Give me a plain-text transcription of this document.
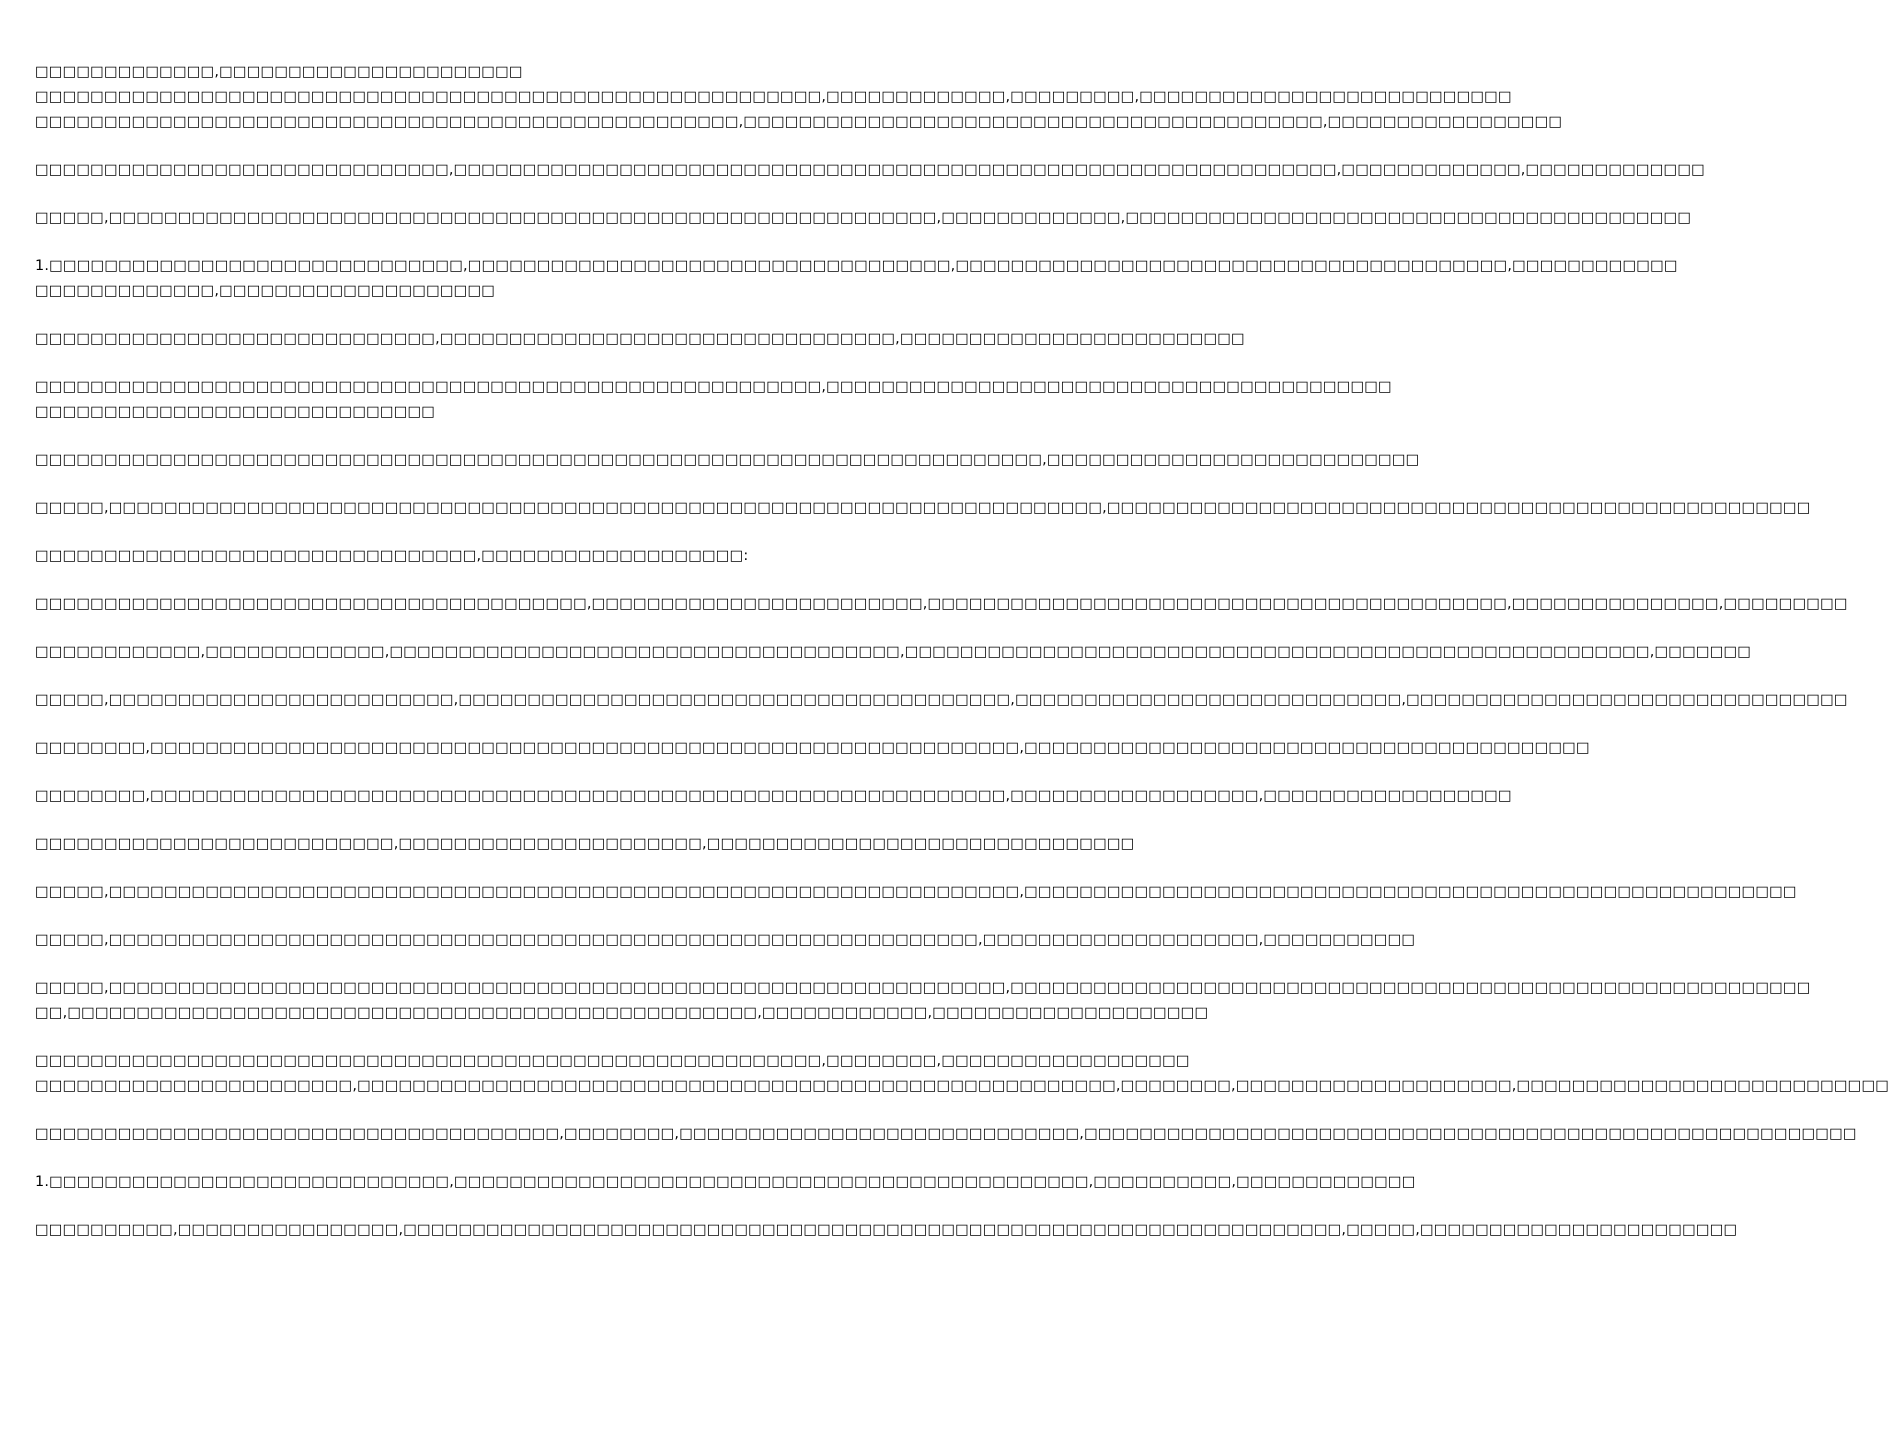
□□□□□□□□□□□□□,□□□□□□□□□□□□□□□□□□□□□□
□□□□□□□□□□□□□□□□□□□□□□□□□□□□□□□□□□□□□□□□□□□□□□□□□□□□□□□□□,□□□□□□□□□□□□□,□□□□□□□□□,□□□□□□□□□□□□□□□□□□□□□□□□□□□
□□□□□□□□□□□□□□□□□□□□□□□□□□□□□□□□□□□□□□□□□□□□□□□□□□□,□□□□□□□□□□□□□□□□□□□□□□□□□□□□□□□□□□□□□□□□□□,□□□□□□□□□□□□□□□□□
□□□□□□□□□□□□□□□□□□□□□□□□□□□□□□,□□□□□□□□□□□□□□□□□□□□□□□□□□□□□□□□□□□□□□□□□□□□□□□□□□□□□□□□□□□□□□□□,□□□□□□□□□□□□□,□□□□□□□□□□□□□
□□□□□,□□□□□□□□□□□□□□□□□□□□□□□□□□□□□□□□□□□□□□□□□□□□□□□□□□□□□□□□□□□□,□□□□□□□□□□□□□,□□□□□□□□□□□□□□□□□□□□□□□□□□□□□□□□□□□□□□□□□
1.□□□□□□□□□□□□□□□□□□□□□□□□□□□□□□,□□□□□□□□□□□□□□□□□□□□□□□□□□□□□□□□□□□,□□□□□□□□□□□□□□□□□□□□□□□□□□□□□□□□□□□□□□□□,□□□□□□□□□□□□
□□□□□□□□□□□□□,□□□□□□□□□□□□□□□□□□□□
□□□□□□□□□□□□□□□□□□□□□□□□□□□□□,□□□□□□□□□□□□□□□□□□□□□□□□□□□□□□□□□,□□□□□□□□□□□□□□□□□□□□□□□□□
□□□□□□□□□□□□□□□□□□□□□□□□□□□□□□□□□□□□□□□□□□□□□□□□□□□□□□□□□,□□□□□□□□□□□□□□□□□□□□□□□□□□□□□□□□□□□□□□□□□
□□□□□□□□□□□□□□□□□□□□□□□□□□□□□
□□□□□□□□□□□□□□□□□□□□□□□□□□□□□□□□□□□□□□□□□□□□□□□□□□□□□□□□□□□□□□□□□□□□□□□□□,□□□□□□□□□□□□□□□□□□□□□□□□□□□
□□□□□,□□□□□□□□□□□□□□□□□□□□□□□□□□□□□□□□□□□□□□□□□□□□□□□□□□□□□□□□□□□□□□□□□□□□□□□□,□□□□□□□□□□□□□□□□□□□□□□□□□□□□□□□□□□□□□□□□□□□□□□□□□□□
□□□□□□□□□□□□□□□□□□□□□□□□□□□□□□□□,□□□□□□□□□□□□□□□□□□□:
□□□□□□□□□□□□□□□□□□□□□□□□□□□□□□□□□□□□□□□□,□□□□□□□□□□□□□□□□□□□□□□□□,□□□□□□□□□□□□□□□□□□□□□□□□□□□□□□□□□□□□□□□□□□,□□□□□□□□□□□□□□□,□□□□□□□□□
□□□□□□□□□□□□,□□□□□□□□□□□□□,□□□□□□□□□□□□□□□□□□□□□□□□□□□□□□□□□□□□□,□□□□□□□□□□□□□□□□□□□□□□□□□□□□□□□□□□□□□□□□□□□□□□□□□□□□□□,□□□□□□□
□□□□□,□□□□□□□□□□□□□□□□□□□□□□□□□,□□□□□□□□□□□□□□□□□□□□□□□□□□□□□□□□□□□□□□□□,□□□□□□□□□□□□□□□□□□□□□□□□□□□□,□□□□□□□□□□□□□□□□□□□□□□□□□□□□□□□□
□□□□□□□□,□□□□□□□□□□□□□□□□□□□□□□□□□□□□□□□□□□□□□□□□□□□□□□□□□□□□□□□□□□□□□□□,□□□□□□□□□□□□□□□□□□□□□□□□□□□□□□□□□□□□□□□□□
□□□□□□□□,□□□□□□□□□□□□□□□□□□□□□□□□□□□□□□□□□□□□□□□□□□□□□□□□□□□□□□□□□□□□□□,□□□□□□□□□□□□□□□□□□,□□□□□□□□□□□□□□□□□□
□□□□□□□□□□□□□□□□□□□□□□□□□□,□□□□□□□□□□□□□□□□□□□□□□,□□□□□□□□□□□□□□□□□□□□□□□□□□□□□□□
□□□□□,□□□□□□□□□□□□□□□□□□□□□□□□□□□□□□□□□□□□□□□□□□□□□□□□□□□□□□□□□□□□□□□□□□,□□□□□□□□□□□□□□□□□□□□□□□□□□□□□□□□□□□□□□□□□□□□□□□□□□□□□□□□
□□□□□,□□□□□□□□□□□□□□□□□□□□□□□□□□□□□□□□□□□□□□□□□□□□□□□□□□□□□□□□□□□□□□□,□□□□□□□□□□□□□□□□□□□□,□□□□□□□□□□□
□□□□□,□□□□□□□□□□□□□□□□□□□□□□□□□□□□□□□□□□□□□□□□□□□□□□□□□□□□□□□□□□□□□□□□□,□□□□□□□□□□□□□□□□□□□□□□□□□□□□□□□□□□□□□□□□□□□□□□□□□□□□□□□□□□
□□,□□□□□□□□□□□□□□□□□□□□□□□□□□□□□□□□□□□□□□□□□□□□□□□□□□,□□□□□□□□□□□□,□□□□□□□□□□□□□□□□□□□□
□□□□□□□□□□□□□□□□□□□□□□□□□□□□□□□□□□□□□□□□□□□□□□□□□□□□□□□□□,□□□□□□□□,□□□□□□□□□□□□□□□□□□
□□□□□□□□□□□□□□□□□□□□□□□,□□□□□□□□□□□□□□□□□□□□□□□□□□□□□□□□□□□□□□□□□□□□□□□□□□□□□□□,□□□□□□□□,□□□□□□□□□□□□□□□□□□□□,□□□□□□□□□□□□□□□□□□□□□□□□□□□
□□□□□□□□□□□□□□□□□□□□□□□□□□□□□□□□□□□□□□,□□□□□□□□,□□□□□□□□□□□□□□□□□□□□□□□□□□□□□,□□□□□□□□□□□□□□□□□□□□□□□□□□□□□□□□□□□□□□□□□□□□□□□□□□□□□□□□
1.□□□□□□□□□□□□□□□□□□□□□□□□□□□□□,□□□□□□□□□□□□□□□□□□□□□□□□□□□□□□□□□□□□□□□□□□□□□□,□□□□□□□□□□,□□□□□□□□□□□□□
□□□□□□□□□□,□□□□□□□□□□□□□□□□,□□□□□□□□□□□□□□□□□□□□□□□□□□□□□□□□□□□□□□□□□□□□□□□□□□□□□□□□□□□□□□□□□□□□,□□□□□,□□□□□□□□□□□□□□□□□□□□□□□
